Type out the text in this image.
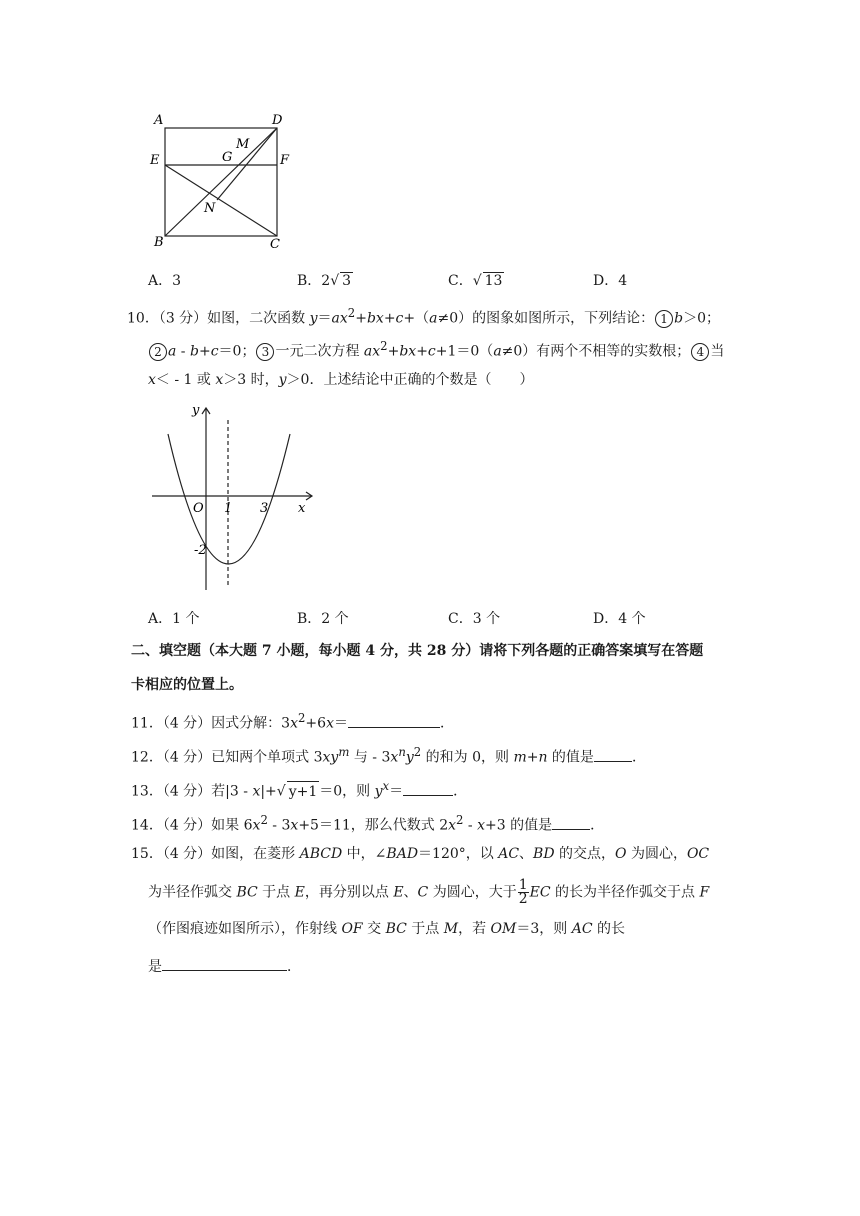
A	D
E	F
G
M
N
B	C
A．3	B．2√ 3	C．√ 13	D．4
10．（3 分）如图，二次函数 $y=ax^2+bx+c+(a\ne 0)$的图象如图所示，下列结论： 1 b＞0；
2 a ‐ b+c＝0； 3 一元二次方程 $ax^2+bx+c+1=0(a\ne 0)$有两个不相等的实数根； 4 当
x＜ ‐ 1 或 x＞3 时，y＞0．上述结论中正确的个数是（　　）
y
x
O 1 3
-2
A．1 个	B．2 个	C．3 个	D．4 个
二、填空题（本大题 7 小题，每小题 4 分，共 28 分）请将下列各题的正确答案填写在答题
卡相应的位置上。
11．（4 分）因式分解：$3x^2+6x=$	．
12．（4 分）已知两个单项式 $3xy^m$ 与 ‐ $3x^ny^2$ 的和为 0，则 m+n 的值是	．
13．（4 分）若|3 ‐ x|+√ y+1 ＝0，则 $y^x=$	．
14．（4 分）如果 $6x^2$ ‐ 3x+5＝11，那么代数式 $2x^2$ ‐ x+3 的值是	．
15．（4 分）如图，在菱形 ABCD 中，∠BAD＝120°，以 AC、BD 的交点，O 为圆心，OC
为半径作弧交 BC 于点 E，再分别以点 E、C 为圆心，大于 $\frac{1}{2}$ EC 的长为半径作弧交于点 F
（作图痕迹如图所示），作射线 OF 交 BC 于点 M，若 OM＝3，则 AC 的长
是	．
